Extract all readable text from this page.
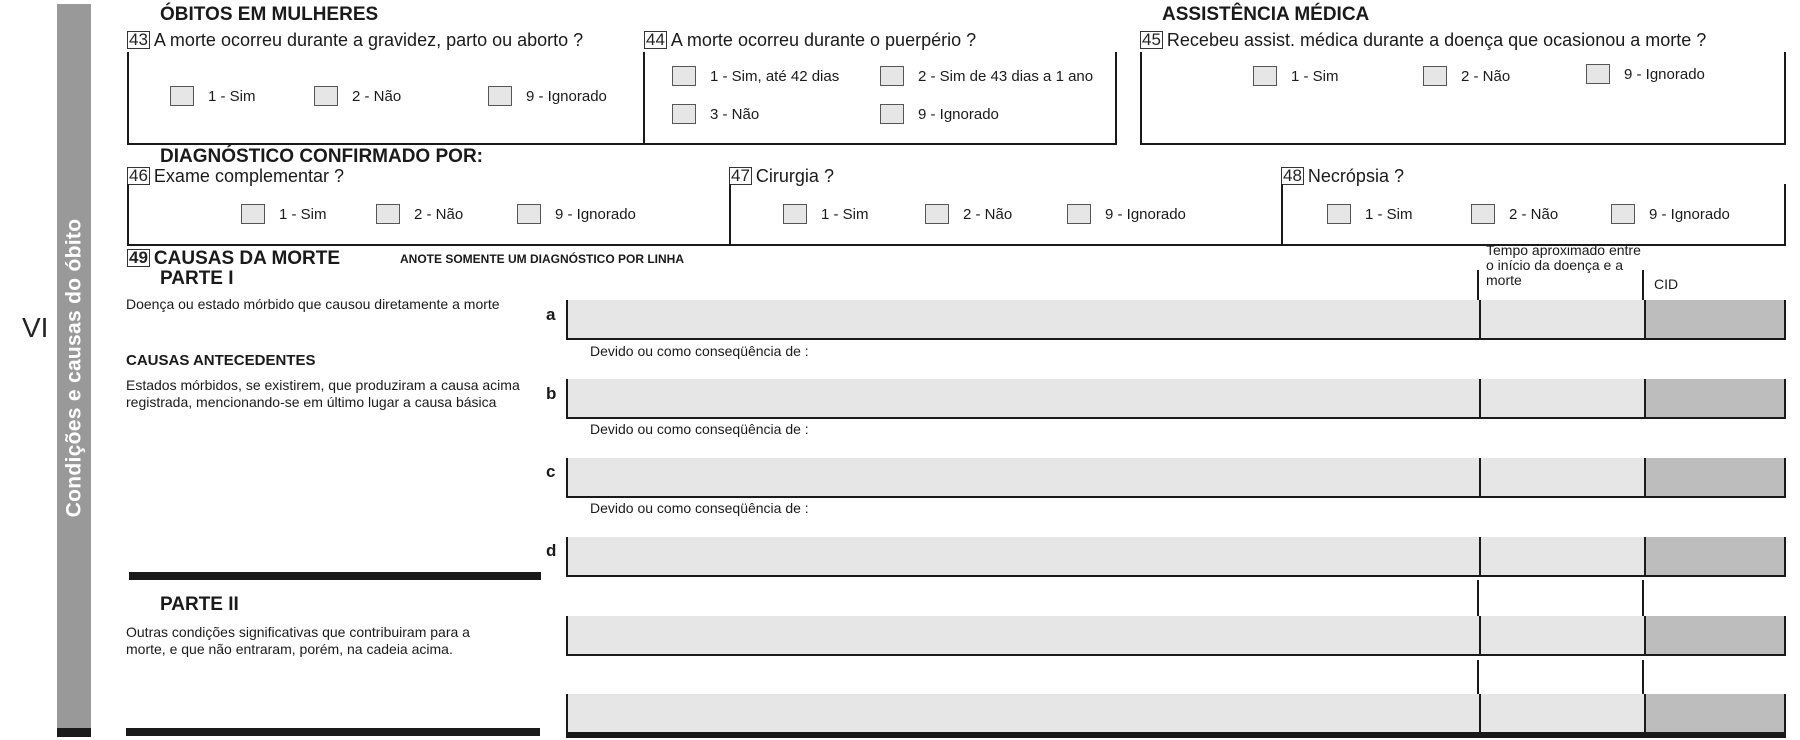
VI Condições e causas do óbito
ÓBITOS EM MULHERES
43 A morte ocorreu durante a gravidez, parto ou aborto ?
1 - Sim	2 - Não	9 - Ignorado
44 A morte ocorreu durante o puerpério ?
1 - Sim, até 42 dias	2 - Sim de 43 dias a 1 ano
3 - Não	9 - Ignorado
ASSISTÊNCIA MÉDICA
45 Recebeu assist. médica durante a doença que ocasionou a morte ?
1 - Sim	2 - Não	9 - Ignorado
DIAGNÓSTICO CONFIRMADO POR:
46 Exame complementar ?	47 Cirurgia ?	48 Necrópsia ?
1 - Sim	2 - Não	9 - Ignorado	1 - Sim	2 - Não	9 - Ignorado	1 - Sim	2 - Não	9 - Ignorado
49 CAUSAS DA MORTE
PARTE I
ANOTE SOMENTE UM DIAGNÓSTICO POR LINHA
Tempo aproximado entre o início da doença e a morte	CID
Doença ou estado mórbido que causou diretamente a morte
CAUSAS ANTECEDENTES
Estados mórbidos, se existirem, que produziram a causa acima registrada, mencionando-se em último lugar a causa básica
a
Devido ou como conseqüência de :
b
Devido ou como conseqüência de :
c
Devido ou como conseqüência de :
d
PARTE II
Outras condições significativas que contribuiram para a morte, e que não entraram, porém, na cadeia acima.
